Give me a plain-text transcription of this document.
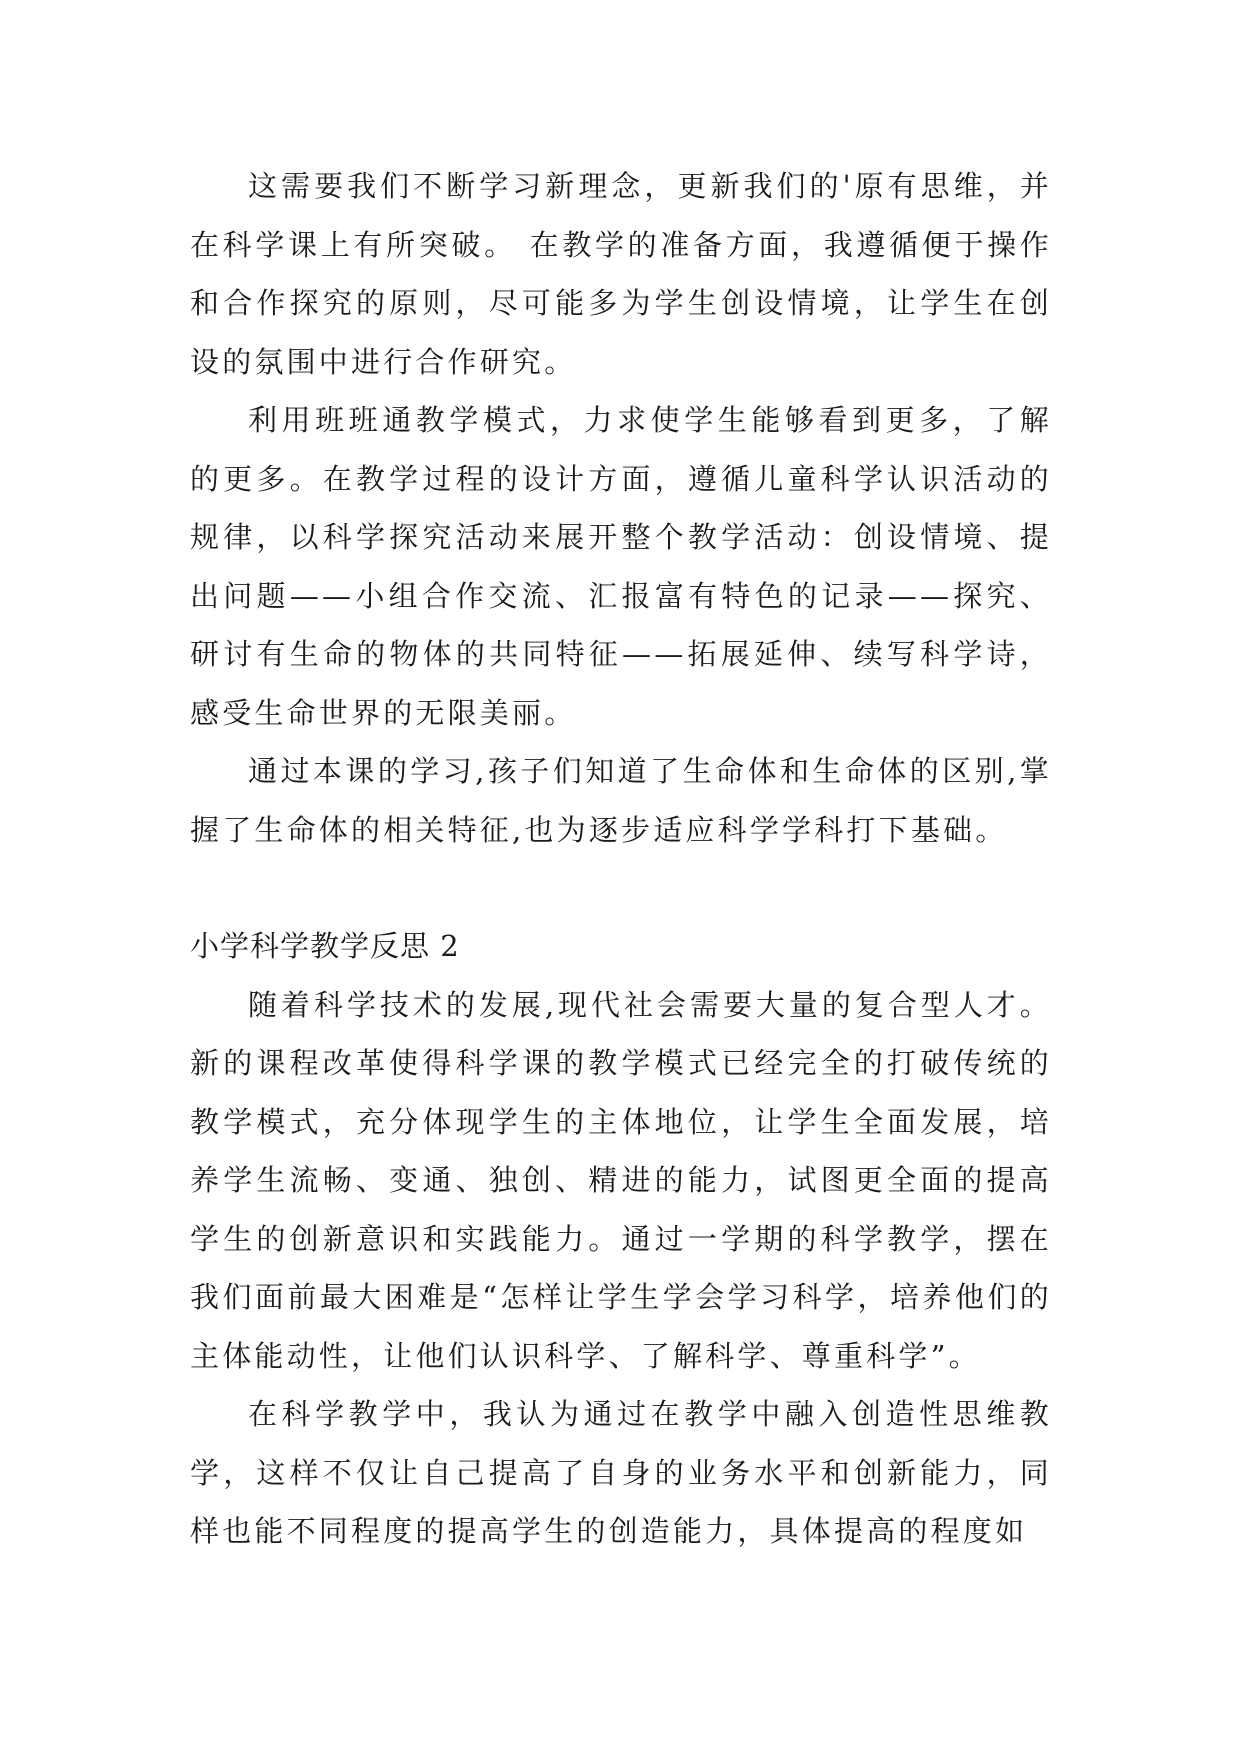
这需要我们不断学习新理念，更新我们的'原有思维，并在科学课上有所突破。 在教学的准备方面，我遵循便于操作和合作探究的原则，尽可能多为学生创设情境，让学生在创设的氛围中进行合作研究。

利用班班通教学模式，力求使学生能够看到更多，了解的更多。在教学过程的设计方面，遵循儿童科学认识活动的规律，以科学探究活动来展开整个教学活动：创设情境、提出问题——小组合作交流、汇报富有特色的记录——探究、研讨有生命的物体的共同特征——拓展延伸、续写科学诗，感受生命世界的无限美丽。

通过本课的学习,孩子们知道了生命体和生命体的区别,掌握了生命体的相关特征,也为逐步适应科学学科打下基础。

小学科学教学反思 2

随着科学技术的发展,现代社会需要大量的复合型人才。新的课程改革使得科学课的教学模式已经完全的打破传统的教学模式，充分体现学生的主体地位，让学生全面发展，培养学生流畅、变通、独创、精进的能力，试图更全面的提高学生的创新意识和实践能力。通过一学期的科学教学，摆在我们面前最大困难是“怎样让学生学会学习科学，培养他们的主体能动性，让他们认识科学、了解科学、尊重科学”。

在科学教学中，我认为通过在教学中融入创造性思维教学，这样不仅让自己提高了自身的业务水平和创新能力，同样也能不同程度的提高学生的创造能力，具体提高的程度如
